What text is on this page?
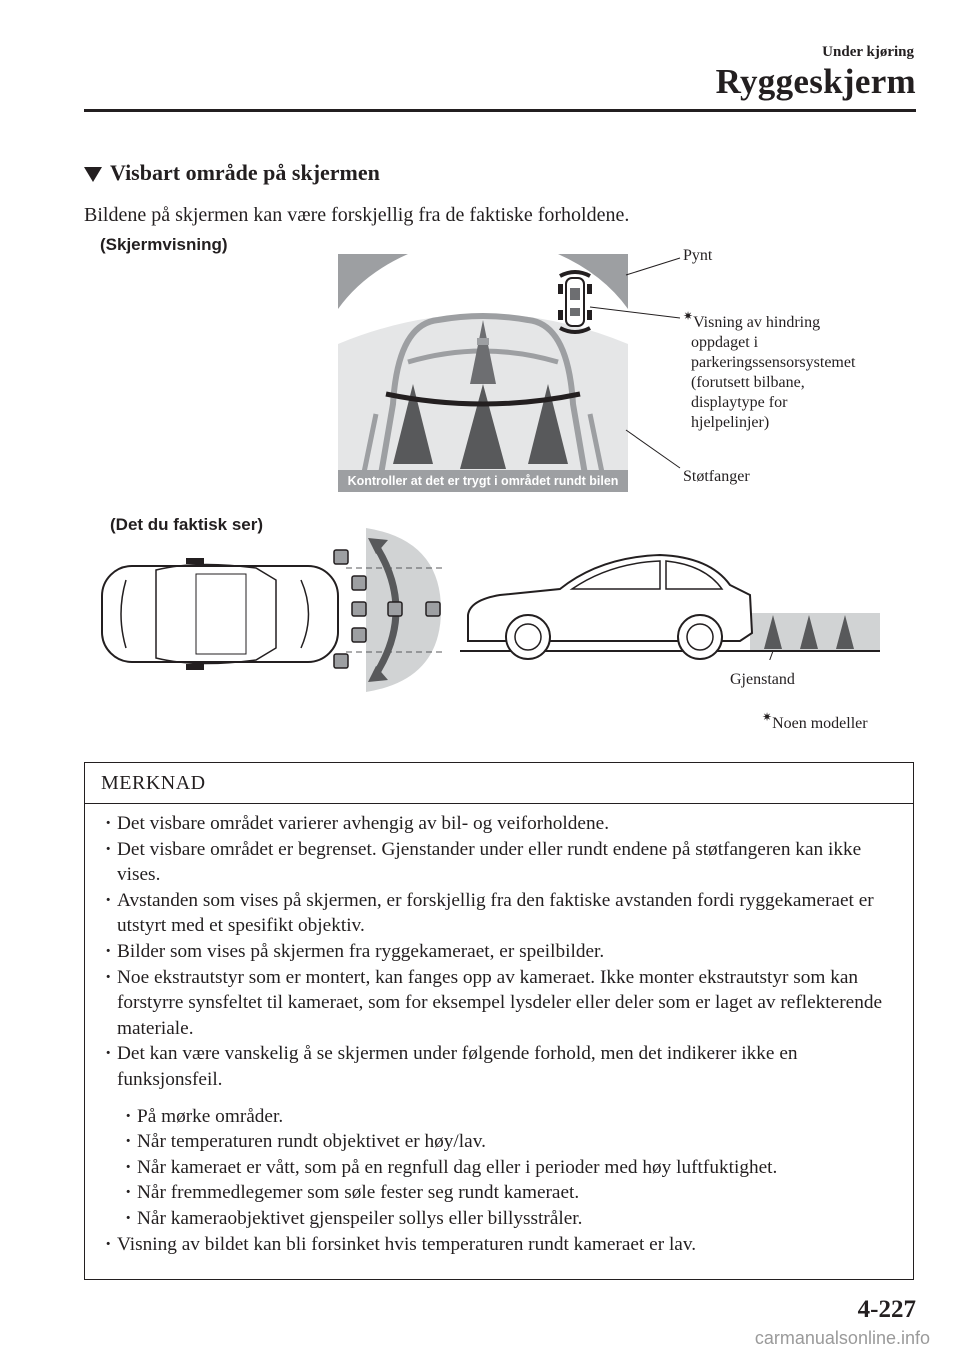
Under kjøring
Ryggeskjerm
Visbart område på skjermen
Bildene på skjermen kan være forskjellig fra de faktiske forholdene.
(Skjermvisning)
Kontroller at det er trygt i området rundt bilen
Pynt
✷Visning av hindring
oppdaget i
parkeringssensorsystemet
(forutsett bilbane,
displaytype for
hjelpelinjer)
Støtfanger
(Det du faktisk ser)
Gjenstand
✷Noen modeller
MERKNAD
· Det visbare området varierer avhengig av bil- og veiforholdene.
· Det visbare området er begrenset. Gjenstander under eller rundt endene på støtfangeren kan ikke vises.
· Avstanden som vises på skjermen, er forskjellig fra den faktiske avstanden fordi ryggekameraet er utstyrt med et spesifikt objektiv.
· Bilder som vises på skjermen fra ryggekameraet, er speilbilder.
· Noe ekstrautstyr som er montert, kan fanges opp av kameraet. Ikke monter ekstrautstyr som kan forstyrre synsfeltet til kameraet, som for eksempel lysdeler eller deler som er laget av reflekterende materiale.
· Det kan være vanskelig å se skjermen under følgende forhold, men det indikerer ikke en funksjonsfeil.
· På mørke områder.
· Når temperaturen rundt objektivet er høy/lav.
· Når kameraet er vått, som på en regnfull dag eller i perioder med høy luftfuktighet.
· Når fremmedlegemer som søle fester seg rundt kameraet.
· Når kameraobjektivet gjenspeiler sollys eller billysstråler.
· Visning av bildet kan bli forsinket hvis temperaturen rundt kameraet er lav.
4-227
carmanualsonline.info
